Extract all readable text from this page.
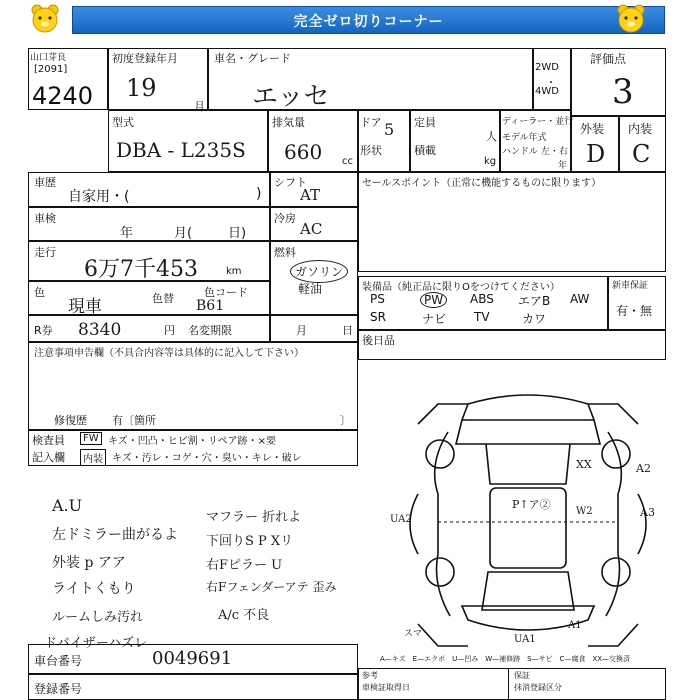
完全ゼロ切りコーナー
山口芽良
[2091]
4240
初度登録年月
19
月
車名・グレード
エッセ
2WD
・
4WD
評価点
3
型式
DBA - L235S
排気量
660 cc
ドア 5
形状
定員
人
積載
kg
ディーラー・並行
モデル年式
ハンドル 左・右
年
外装 内装
D C
車歴
自家用・(	)
車検
年	月(	日)
走行
6万7千453	km
色
現車	色替	色コード
B61
R券 8340	円 名変期限	月	日
シフト
AT
冷房
AC
燃料
ガソリン
軽油
セールスポイント（正常に機能するものに限ります）
装備品（純正品に限りOをつけてください）
PS	PW	ABS エアB AW
SR	ナビ TV	カワ
新車保証
有・無
後日品
注意事項申告欄（不具合内容等は具体的に記入して下さい）
修復歴 有〔箇所	〕
検査員
記入欄
FW キズ・凹凸・ヒビ割・リペア跡・×要
内装 キズ・汚レ・コゲ・穴・臭い・キレ・破レ
A.U
左ドミラー曲がるよ
外装 p アア
ライトくもり
ルームしみ汚れ
ドバイザーハズレ
マフラー 折れよ
下回りS P Xリ
右Fピラー U
右Fフェンダーアテ 歪み
A/c 不良
P↑ア②
XX	A2
A3
W2
UA2
UA1
A1
スマ
A—キズ　E—エクボ　U—凹み　W—補修跡　S—サビ　C—腐食　XX—交換済
車台番号	0049691
登録番号
参考
車検証取得日
保証
抹消登録区分
